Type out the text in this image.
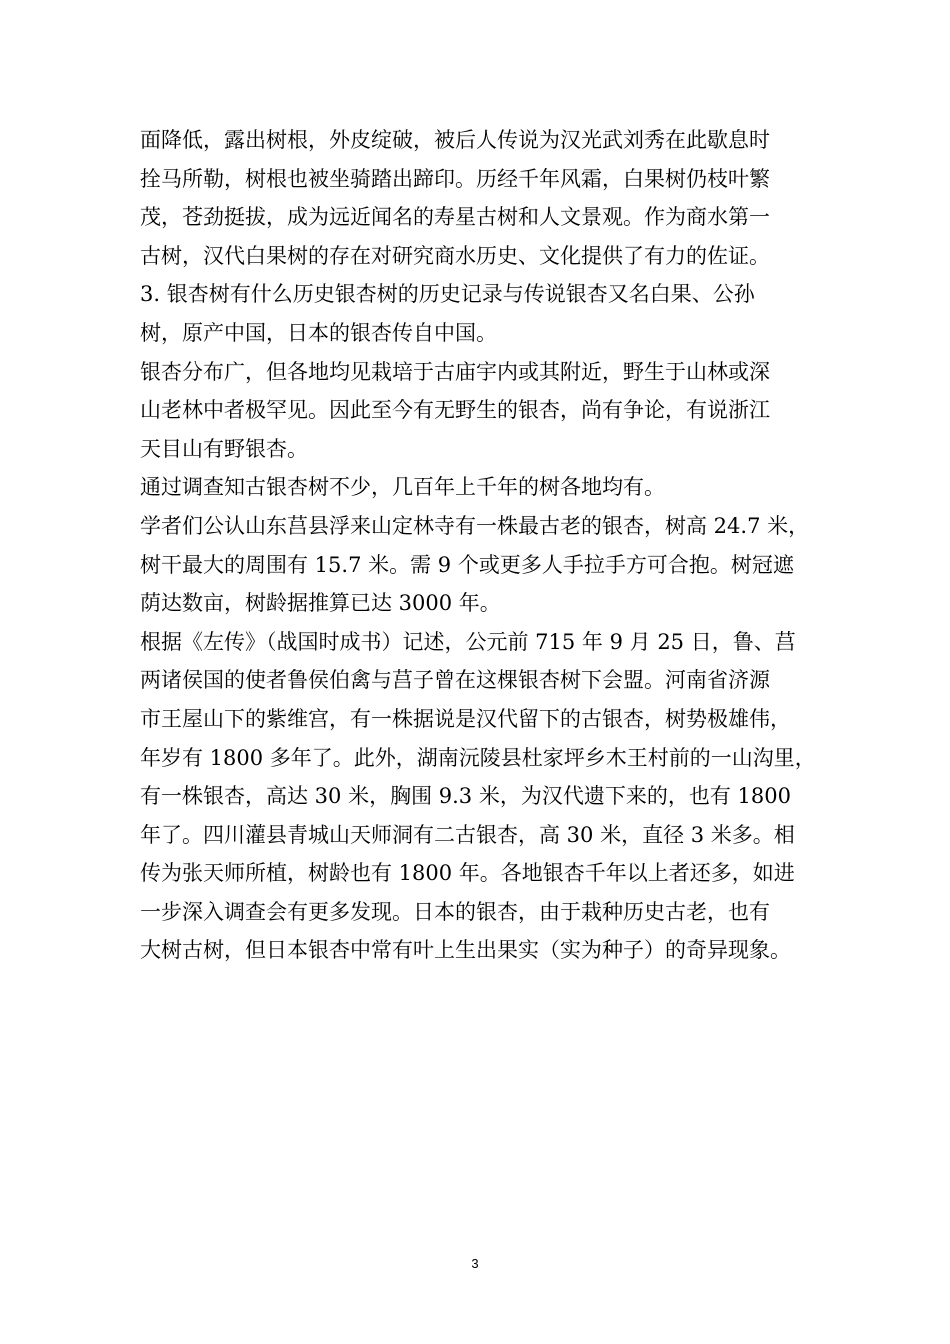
面降低，露出树根，外皮绽破，被后人传说为汉光武刘秀在此歇息时
拴马所勒，树根也被坐骑踏出蹄印。历经千年风霜，白果树仍枝叶繁
茂，苍劲挺拔，成为远近闻名的寿星古树和人文景观。作为商水第一
古树，汉代白果树的存在对研究商水历史、文化提供了有力的佐证。
3. 银杏树有什么历史银杏树的历史记录与传说银杏又名白果、公孙
树，原产中国，日本的银杏传自中国。
银杏分布广，但各地均见栽培于古庙宇内或其附近，野生于山林或深
山老林中者极罕见。因此至今有无野生的银杏，尚有争论，有说浙江
天目山有野银杏。
通过调查知古银杏树不少，几百年上千年的树各地均有。
学者们公认山东莒县浮来山定林寺有一株最古老的银杏，树高 24.7 米，
树干最大的周围有 15.7 米。需 9 个或更多人手拉手方可合抱。树冠遮
荫达数亩，树龄据推算已达 3000 年。
根据《左传》（战国时成书）记述，公元前 715 年 9 月 25 日，鲁、莒
两诸侯国的使者鲁侯伯禽与莒子曾在这棵银杏树下会盟。河南省济源
市王屋山下的紫维宫，有一株据说是汉代留下的古银杏，树势极雄伟，
年岁有 1800 多年了。此外，湖南沅陵县杜家坪乡木王村前的一山沟里，
有一株银杏，高达 30 米，胸围 9.3 米，为汉代遗下来的，也有 1800
年了。四川灌县青城山天师洞有二古银杏，高 30 米，直径 3 米多。相
传为张天师所植，树龄也有 1800 年。各地银杏千年以上者还多，如进
一步深入调查会有更多发现。日本的银杏，由于栽种历史古老，也有
大树古树，但日本银杏中常有叶上生出果实（实为种子）的奇异现象。
3
